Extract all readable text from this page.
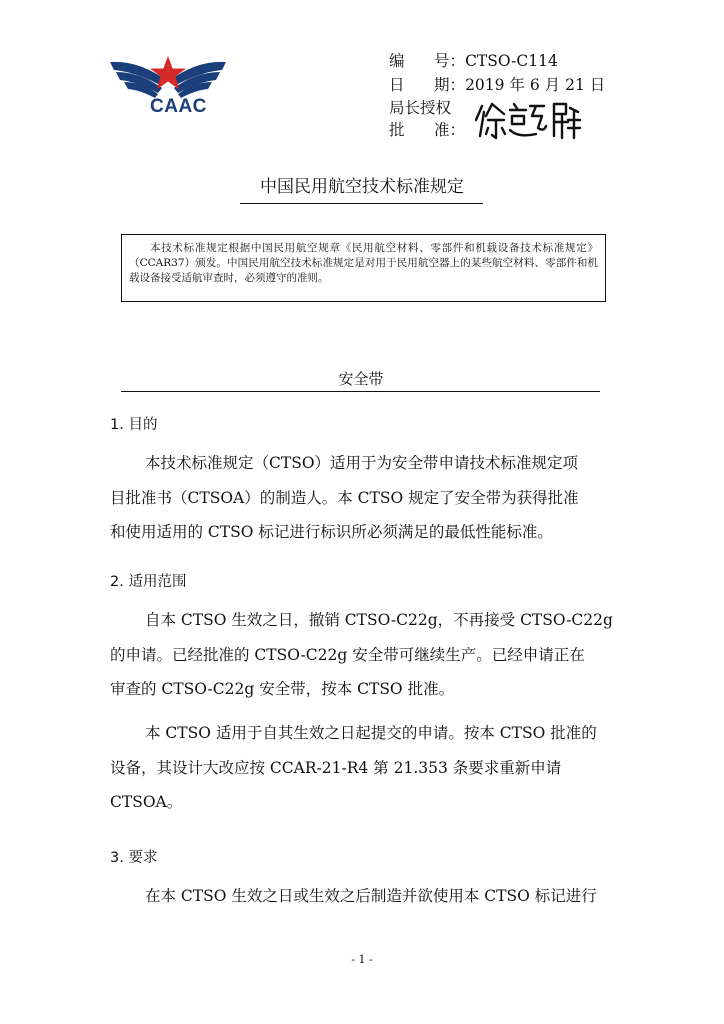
CAAC
编      号：CTSO-C114
日      期：2019 年 6 月 21 日
局长授权
批      准：
中国民用航空技术标准规定
本技术标准规定根据中国民用航空规章《民用航空材料、零部件和机载设备技术标准规定》（CCAR37）颁发。中国民用航空技术标准规定是对用于民用航空器上的某些航空材料、零部件和机载设备接受适航审查时，必须遵守的准则。
安全带
1. 目的
本技术标准规定（CTSO）适用于为安全带申请技术标准规定项
目批准书（CTSOA）的制造人。本 CTSO 规定了安全带为获得批准
和使用适用的 CTSO 标记进行标识所必须满足的最低性能标准。
2. 适用范围
自本 CTSO 生效之日，撤销 CTSO-C22g，不再接受 CTSO-C22g
的申请。已经批准的 CTSO-C22g 安全带可继续生产。已经申请正在
审查的 CTSO-C22g 安全带，按本 CTSO 批准。
本 CTSO 适用于自其生效之日起提交的申请。按本 CTSO 批准的
设备，其设计大改应按 CCAR-21-R4 第 21.353 条要求重新申请
CTSOA。
3. 要求
在本 CTSO 生效之日或生效之后制造并欲使用本 CTSO 标记进行
- 1 -
